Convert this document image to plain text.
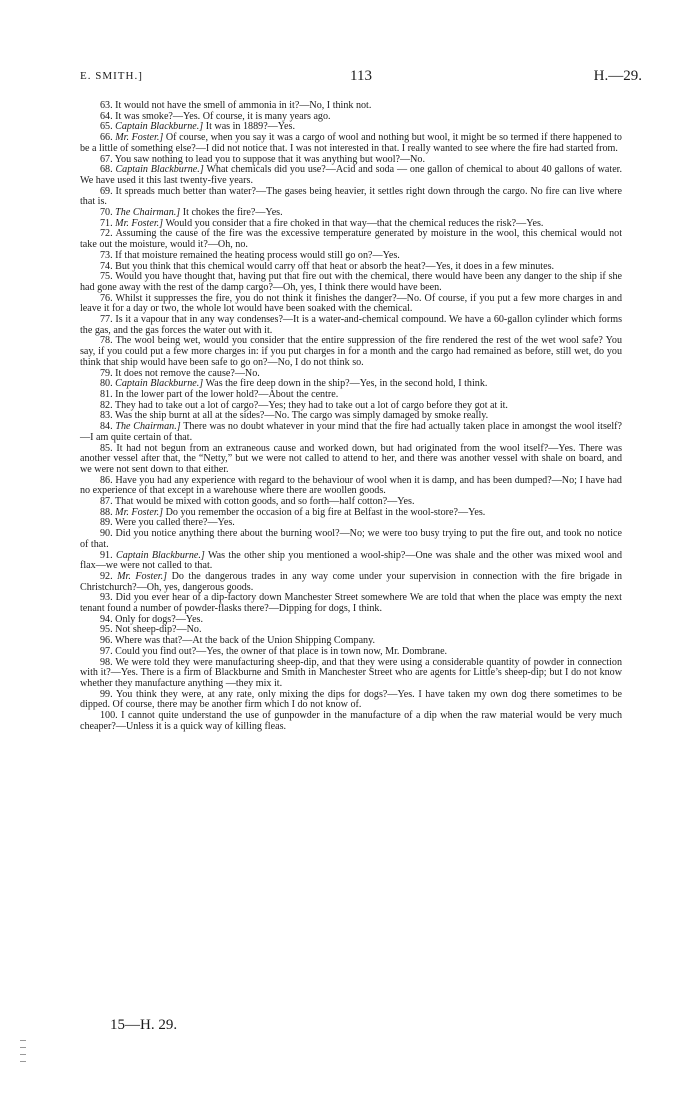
E. SMITH.]	113	H.—29.

63. It would not have the smell of ammonia in it?—No, I think not.

64. It was smoke?—Yes. Of course, it is many years ago.

65. Captain Blackburne.] It was in 1889?—Yes.

66. Mr. Foster.] Of course, when you say it was a cargo of wool and nothing but wool, it might be so termed if there happened to be a little of something else?—I did not notice that. I was not interested in that. I really wanted to see where the fire had started from.

67. You saw nothing to lead you to suppose that it was anything but wool?—No.

68. Captain Blackburne.] What chemicals did you use?—Acid and soda — one gallon of chemical to about 40 gallons of water. We have used it this last twenty-five years.

69. It spreads much better than water?—The gases being heavier, it settles right down through the cargo. No fire can live where that is.

70. The Chairman.] It chokes the fire?—Yes.

71. Mr. Foster.] Would you consider that a fire choked in that way—that the chemical reduces the risk?—Yes.

72. Assuming the cause of the fire was the excessive temperature generated by moisture in the wool, this chemical would not take out the moisture, would it?—Oh, no.

73. If that moisture remained the heating process would still go on?—Yes.

74. But you think that this chemical would carry off that heat or absorb the heat?—Yes, it does in a few minutes.

75. Would you have thought that, having put that fire out with the chemical, there would have been any danger to the ship if she had gone away with the rest of the damp cargo?—Oh, yes, I think there would have been.

76. Whilst it suppresses the fire, you do not think it finishes the danger?—No. Of course, if you put a few more charges in and leave it for a day or two, the whole lot would have been soaked with the chemical.

77. Is it a vapour that in any way condenses?—It is a water-and-chemical compound. We have a 60-gallon cylinder which forms the gas, and the gas forces the water out with it.

78. The wool being wet, would you consider that the entire suppression of the fire rendered the rest of the wet wool safe? You say, if you could put a few more charges in: if you put charges in for a month and the cargo had remained as before, still wet, do you think that ship would have been safe to go on?—No, I do not think so.

79. It does not remove the cause?—No.

80. Captain Blackburne.] Was the fire deep down in the ship?—Yes, in the second hold, I think.

81. In the lower part of the lower hold?—About the centre.

82. They had to take out a lot of cargo?—Yes; they had to take out a lot of cargo before they got at it.

83. Was the ship burnt at all at the sides?—No. The cargo was simply damaged by smoke really.

84. The Chairman.] There was no doubt whatever in your mind that the fire had actually taken place in amongst the wool itself?—I am quite certain of that.

85. It had not begun from an extraneous cause and worked down, but had originated from the wool itself?—Yes. There was another vessel after that, the “Netty,” but we were not called to attend to her, and there was another vessel with shale on board, and we were not sent down to that either.

86. Have you had any experience with regard to the behaviour of wool when it is damp, and has been dumped?—No; I have had no experience of that except in a warehouse where there are woollen goods.

87. That would be mixed with cotton goods, and so forth—half cotton?—Yes.

88. Mr. Foster.] Do you remember the occasion of a big fire at Belfast in the wool-store?—Yes.

89. Were you called there?—Yes.

90. Did you notice anything there about the burning wool?—No; we were too busy trying to put the fire out, and took no notice of that.

91. Captain Blackburne.] Was the other ship you mentioned a wool-ship?—One was shale and the other was mixed wool and flax—we were not called to that.

92. Mr. Foster.] Do the dangerous trades in any way come under your supervision in connection with the fire brigade in Christchurch?—Oh, yes, dangerous goods.

93. Did you ever hear of a dip-factory down Manchester Street somewhere We are told that when the place was empty the next tenant found a number of powder-flasks there?—Dipping for dogs, I think.

94. Only for dogs?—Yes.

95. Not sheep-dip?—No.

96. Where was that?—At the back of the Union Shipping Company.

97. Could you find out?—Yes, the owner of that place is in town now, Mr. Dombrane.

98. We were told they were manufacturing sheep-dip, and that they were using a considerable quantity of powder in connection with it?—Yes. There is a firm of Blackburne and Smith in Manchester Street who are agents for Little’s sheep-dip; but I do not know whether they manufacture anything —they mix it.

99. You think they were, at any rate, only mixing the dips for dogs?—Yes. I have taken my own dog there sometimes to be dipped. Of course, there may be another firm which I do not know of.

100. I cannot quite understand the use of gunpowder in the manufacture of a dip when the raw material would be very much cheaper?—Unless it is a quick way of killing fleas.

15—H. 29.
